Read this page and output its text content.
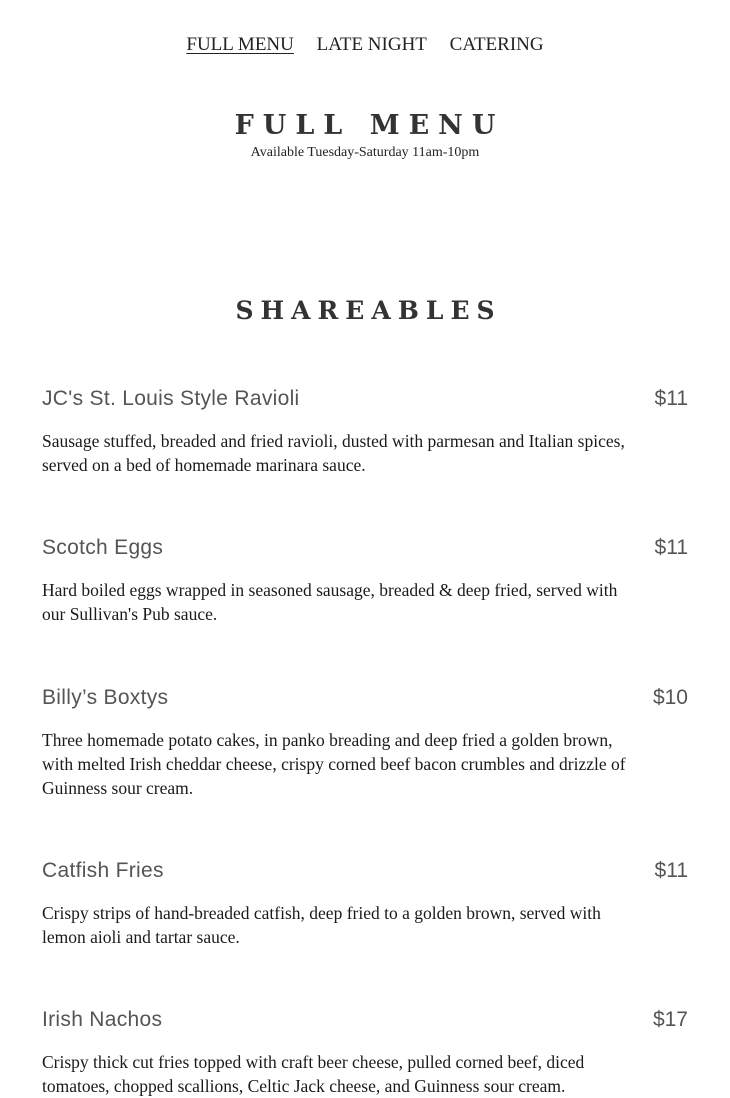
FULL MENU LATE NIGHT CATERING
FULL MENU
Available Tuesday-Saturday 11am-10pm
SHAREABLES
JC's St. Louis Style Ravioli	$11
Sausage stuffed, breaded and fried ravioli, dusted with parmesan and Italian spices, served on a bed of homemade marinara sauce.
Scotch Eggs	$11
Hard boiled eggs wrapped in seasoned sausage, breaded & deep fried, served with our Sullivan's Pub sauce.
Billy’s Boxtys	$10
Three homemade potato cakes, in panko breading and deep fried a golden brown, with melted Irish cheddar cheese, crispy corned beef bacon crumbles and drizzle of Guinness sour cream.
Catfish Fries	$11
Crispy strips of hand-breaded catfish, deep fried to a golden brown, served with lemon aioli and tartar sauce.
Irish Nachos	$17
Crispy thick cut fries topped with craft beer cheese, pulled corned beef, diced tomatoes, chopped scallions, Celtic Jack cheese, and Guinness sour cream.
